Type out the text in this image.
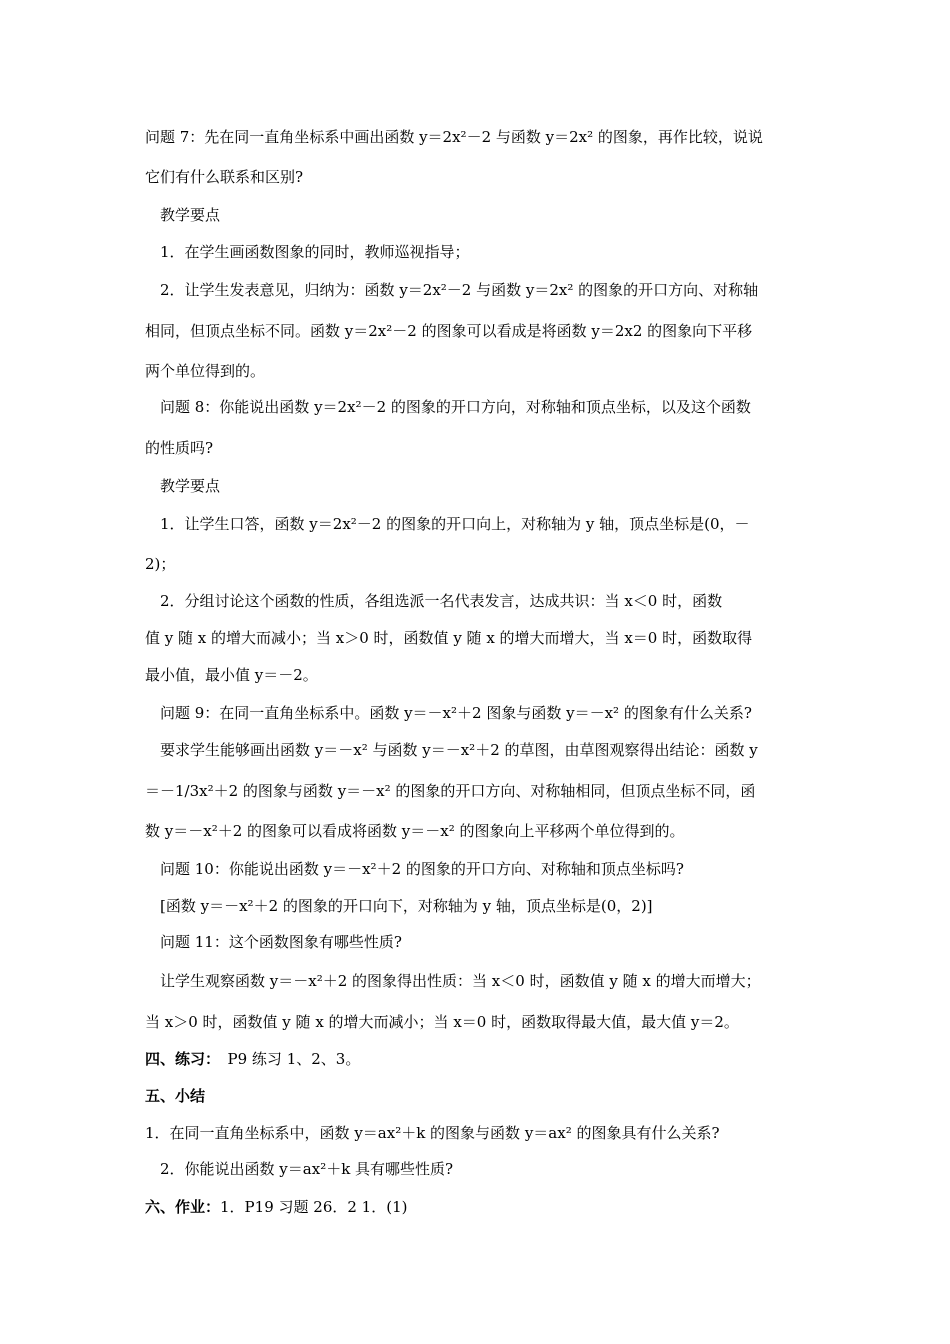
问题 7：先在同一直角坐标系中画出函数 y＝2x²－2 与函数 y＝2x² 的图象，再作比较，说说
它们有什么联系和区别?
教学要点
1．在学生画函数图象的同时，教师巡视指导；
2．让学生发表意见，归纳为：函数 y＝2x²－2 与函数 y＝2x² 的图象的开口方向、对称轴
相同，但顶点坐标不同。函数 y＝2x²－2 的图象可以看成是将函数 y＝2x2 的图象向下平移
两个单位得到的。
问题 8：你能说出函数 y＝2x²－2 的图象的开口方向，对称轴和顶点坐标，以及这个函数
的性质吗?
教学要点
1．让学生口答，函数 y＝2x²－2 的图象的开口向上，对称轴为 y 轴，顶点坐标是(0，－
2)；
2．分组讨论这个函数的性质，各组选派一名代表发言，达成共识：当 x＜0 时，函数
值 y 随 x 的增大而减小；当 x＞0 时，函数值 y 随 x 的增大而增大，当 x＝0 时，函数取得
最小值，最小值 y＝－2。
问题 9：在同一直角坐标系中。函数 y＝－x²＋2 图象与函数 y＝－x² 的图象有什么关系?
要求学生能够画出函数 y＝－x² 与函数 y＝－x²＋2 的草图，由草图观察得出结论：函数 y
＝－1/3x²＋2 的图象与函数 y＝－x² 的图象的开口方向、对称轴相同，但顶点坐标不同，函
数 y＝－x²＋2 的图象可以看成将函数 y＝－x² 的图象向上平移两个单位得到的。
问题 10：你能说出函数 y＝－x²＋2 的图象的开口方向、对称轴和顶点坐标吗?
[函数 y＝－x²＋2 的图象的开口向下，对称轴为 y 轴，顶点坐标是(0，2)]
问题 11：这个函数图象有哪些性质?
让学生观察函数 y＝－x²＋2 的图象得出性质：当 x＜0 时，函数值 y 随 x 的增大而增大；
当 x＞0 时，函数值 y 随 x 的增大而减小；当 x＝0 时，函数取得最大值，最大值 y＝2。
四、练习：　P9 练习 1、2、3。
五、小结
1．在同一直角坐标系中，函数 y＝ax²＋k 的图象与函数 y＝ax² 的图象具有什么关系?
2．你能说出函数 y＝ax²＋k 具有哪些性质?
六、作业：1．P19 习题 26．2 1．(1)
